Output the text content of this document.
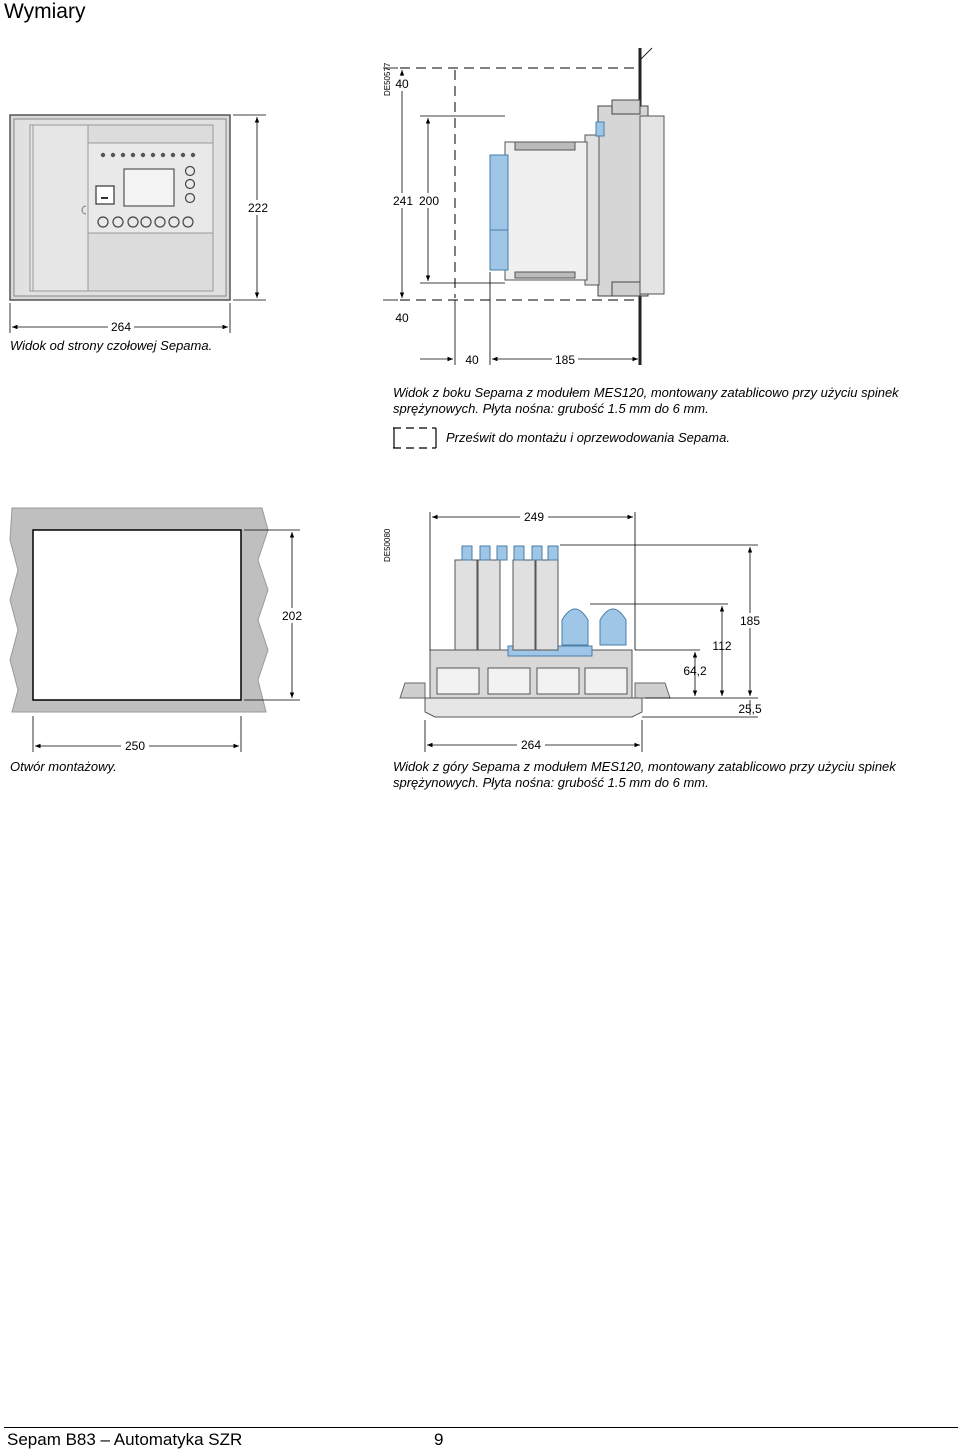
Wymiary
264
222
Widok od strony czołowej Sepama.
DE50577 40
241 200
40
40	185
Widok z boku Sepama z modułem MES120, montowany zatablicowo przy użyciu spinek
sprężynowych. Płyta nośna: grubość 1.5 mm do 6 mm.
Prześwit do montażu i oprzewodowania Sepama.
202
250
Otwór montażowy.
DE50080
249
185
112
64,2
25,5
264
Widok z góry Sepama z modułem MES120, montowany zatablicowo przy użyciu spinek
sprężynowych. Płyta nośna: grubość 1.5 mm do 6 mm.
Sepam B83 – Automatyka SZR	9
